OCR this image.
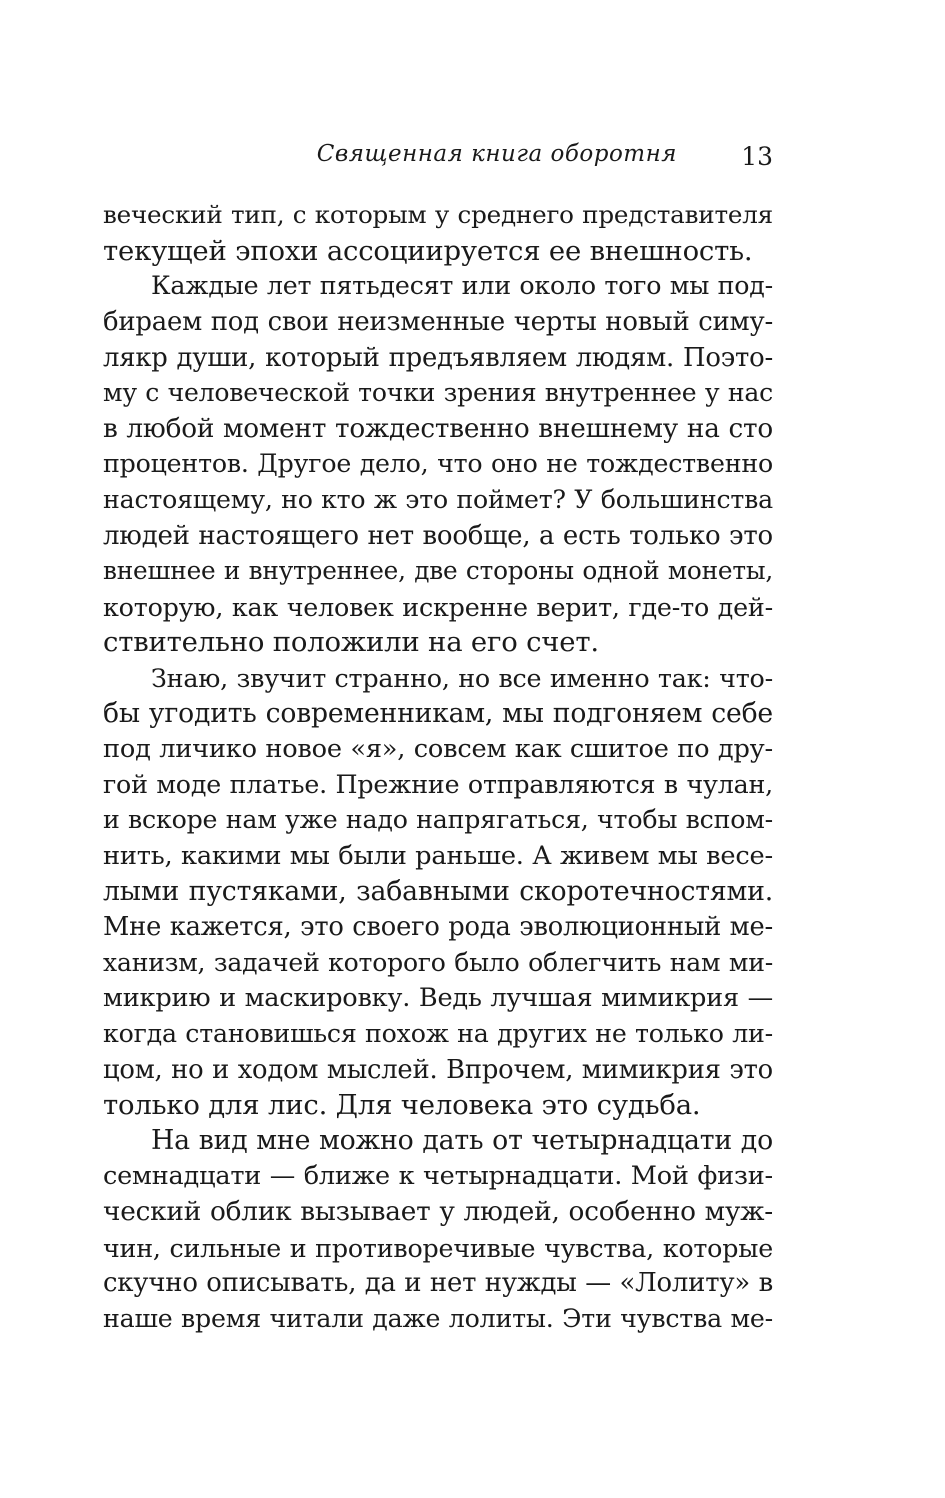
Священная книга оборотня	13
вечеcкий тип, с которым у среднего представителя
текущей эпохи ассоциируется ее внешность.
Каждые лет пятьдесят или около того мы под-
бираем под свои неизменные черты новый симу-
лякр души, который предъявляем людям. Поэто-
му с человеческой точки зрения внутреннее у нас
в любой момент тождественно внешнему на сто
процентов. Другое дело, что оно не тождественно
настоящему, но кто ж это поймет? У большинства
людей настоящего нет вообще, а есть только это
внешнее и внутреннее, две стороны одной монеты,
которую, как человек искренне верит, где-то дей-
ствительно положили на его счет.
Знаю, звучит странно, но все именно так: что-
бы угодить современникам, мы подгоняем себе
под личико новое «я», совсем как сшитое по дру-
гой моде платье. Прежние отправляются в чулан,
и вскоре нам уже надо напрягаться, чтобы вспом-
нить, какими мы были раньше. А живем мы весе-
лыми пустяками, забавными скоротечностями.
Мне кажется, это своего рода эволюционный ме-
ханизм, задачей которого было облегчить нам ми-
микрию и маскировку. Ведь лучшая мимикрия —
когда становишься похож на других не только ли-
цом, но и ходом мыслей. Впрочем, мимикрия это
только для лис. Для человека это судьба.
На вид мне можно дать от четырнадцати до
семнадцати — ближе к четырнадцати. Мой физи-
ческий облик вызывает у людей, особенно муж-
чин, сильные и противоречивые чувства, которые
скучно описывать, да и нет нужды — «Лолиту» в
наше время читали даже лолиты. Эти чувства ме-
